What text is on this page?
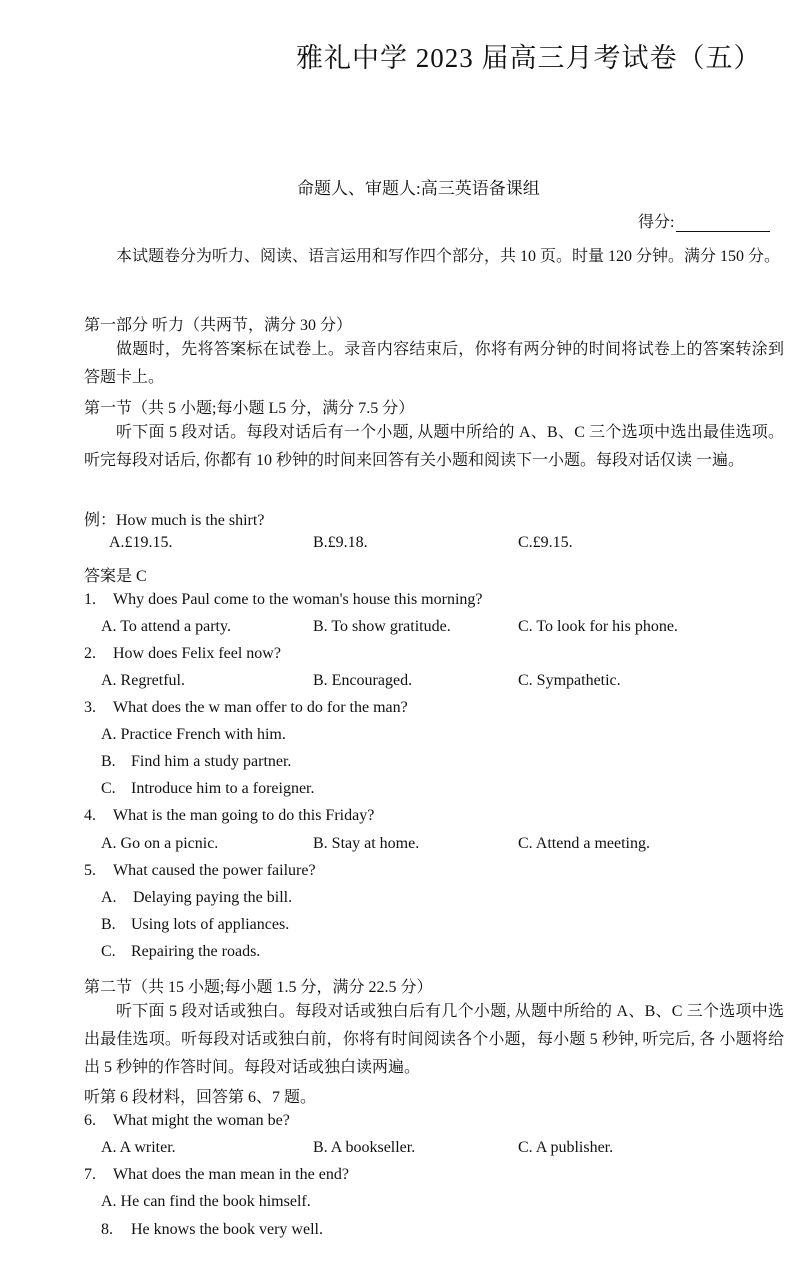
雅礼中学 2023 届高三月考试卷（五）
命题人、审题人:高三英语备课组
得分:
本试题卷分为听力、阅读、语言运用和写作四个部分，共 10 页。时量 120 分钟。满分 150 分。
第一部分 听力（共两节，满分 30 分）
做题时，先将答案标在试卷上。录音内容结束后，你将有两分钟的时间将试卷上的答案转涂到答题卡上。
第一节（共 5 小题;每小题 L5 分，满分 7.5 分）
听下面 5 段对话。每段对话后有一个小题, 从题中所给的 A、B、C 三个选项中选出最佳选项。听完每段对话后, 你都有 10 秒钟的时间来回答有关小题和阅读下一小题。每段对话仅读 一遍。
例：How much is the shirt?
A.£19.15.	B.£9.18.	C.£9.15.
答案是 C
1. Why does Paul come to the woman's house this morning?
A. To attend a party.	B. To show gratitude.	C. To look for his phone.
2. How does Felix feel now?
A. Regretful.	B. Encouraged.	C. Sympathetic.
3. What does the w man offer to do for the man?
A. Practice French with him.
B. Find him a study partner.
C. Introduce him to a foreigner.
4. What is the man going to do this Friday?
A. Go on a picnic.	B. Stay at home.	C. Attend a meeting.
5. What caused the power failure?
A. Delaying paying the bill.
B. Using lots of appliances.
C. Repairing the roads.
第二节（共 15 小题;每小题 1.5 分，满分 22.5 分）
听下面 5 段对话或独白。每段对话或独白后有几个小题, 从题中所给的 A、B、C 三个选项中选出最佳选项。听每段对话或独白前，你将有时间阅读各个小题，每小题 5 秒钟, 听完后, 各 小题将给出 5 秒钟的作答时间。每段对话或独白读两遍。
听第 6 段材料，回答第 6、7 题。
6. What might the woman be?
A. A writer.	B. A bookseller.	C. A publisher.
7. What does the man mean in the end?
A. He can find the book himself.
8. He knows the book very well.
